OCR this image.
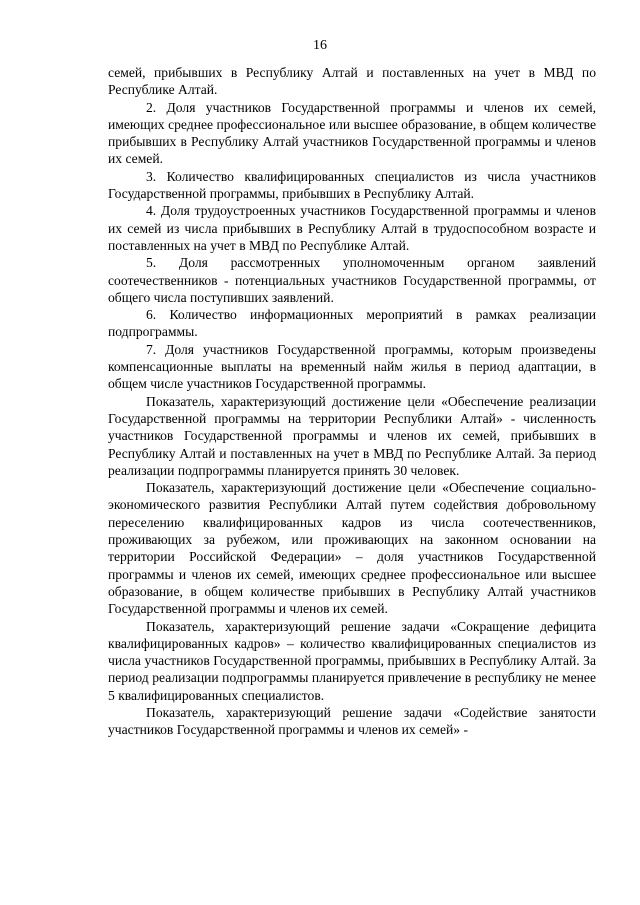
16

семей, прибывших в Республику Алтай и поставленных на учет в МВД по Республике Алтай.

2. Доля участников Государственной программы и членов их семей, имеющих среднее профессиональное или высшее образование, в общем количестве прибывших в Республику Алтай участников Государственной программы и членов их семей.

3. Количество квалифицированных специалистов из числа участников Государственной программы, прибывших в Республику Алтай.

4. Доля трудоустроенных участников Государственной программы и членов их семей из числа прибывших в Республику Алтай в трудоспособном возрасте и поставленных на учет в МВД по Республике Алтай.

5. Доля рассмотренных уполномоченным органом заявлений соотечественников - потенциальных участников Государственной программы, от общего числа поступивших заявлений.

6. Количество информационных мероприятий в рамках реализации подпрограммы.

7. Доля участников Государственной программы, которым произведены компенсационные выплаты на временный найм жилья в период адаптации, в общем числе участников Государственной программы.

Показатель, характеризующий достижение цели «Обеспечение реализации Государственной программы на территории Республики Алтай» - численность участников Государственной программы и членов их семей, прибывших в Республику Алтай и поставленных на учет в МВД по Республике Алтай. За период реализации подпрограммы планируется принять 30 человек.

Показатель, характеризующий достижение цели «Обеспечение социально-экономического развития Республики Алтай путем содействия добровольному переселению квалифицированных кадров из числа соотечественников, проживающих за рубежом, или проживающих на законном основании на территории Российской Федерации» – доля участников Государственной программы и членов их семей, имеющих среднее профессиональное или высшее образование, в общем количестве прибывших в Республику Алтай участников Государственной программы и членов их семей.

Показатель, характеризующий решение задачи «Сокращение дефицита квалифицированных кадров» – количество квалифицированных специалистов из числа участников Государственной программы, прибывших в Республику Алтай. За период реализации подпрограммы планируется привлечение в республику не менее 5 квалифицированных специалистов.

Показатель, характеризующий решение задачи «Содействие занятости участников Государственной программы и членов их семей» -
